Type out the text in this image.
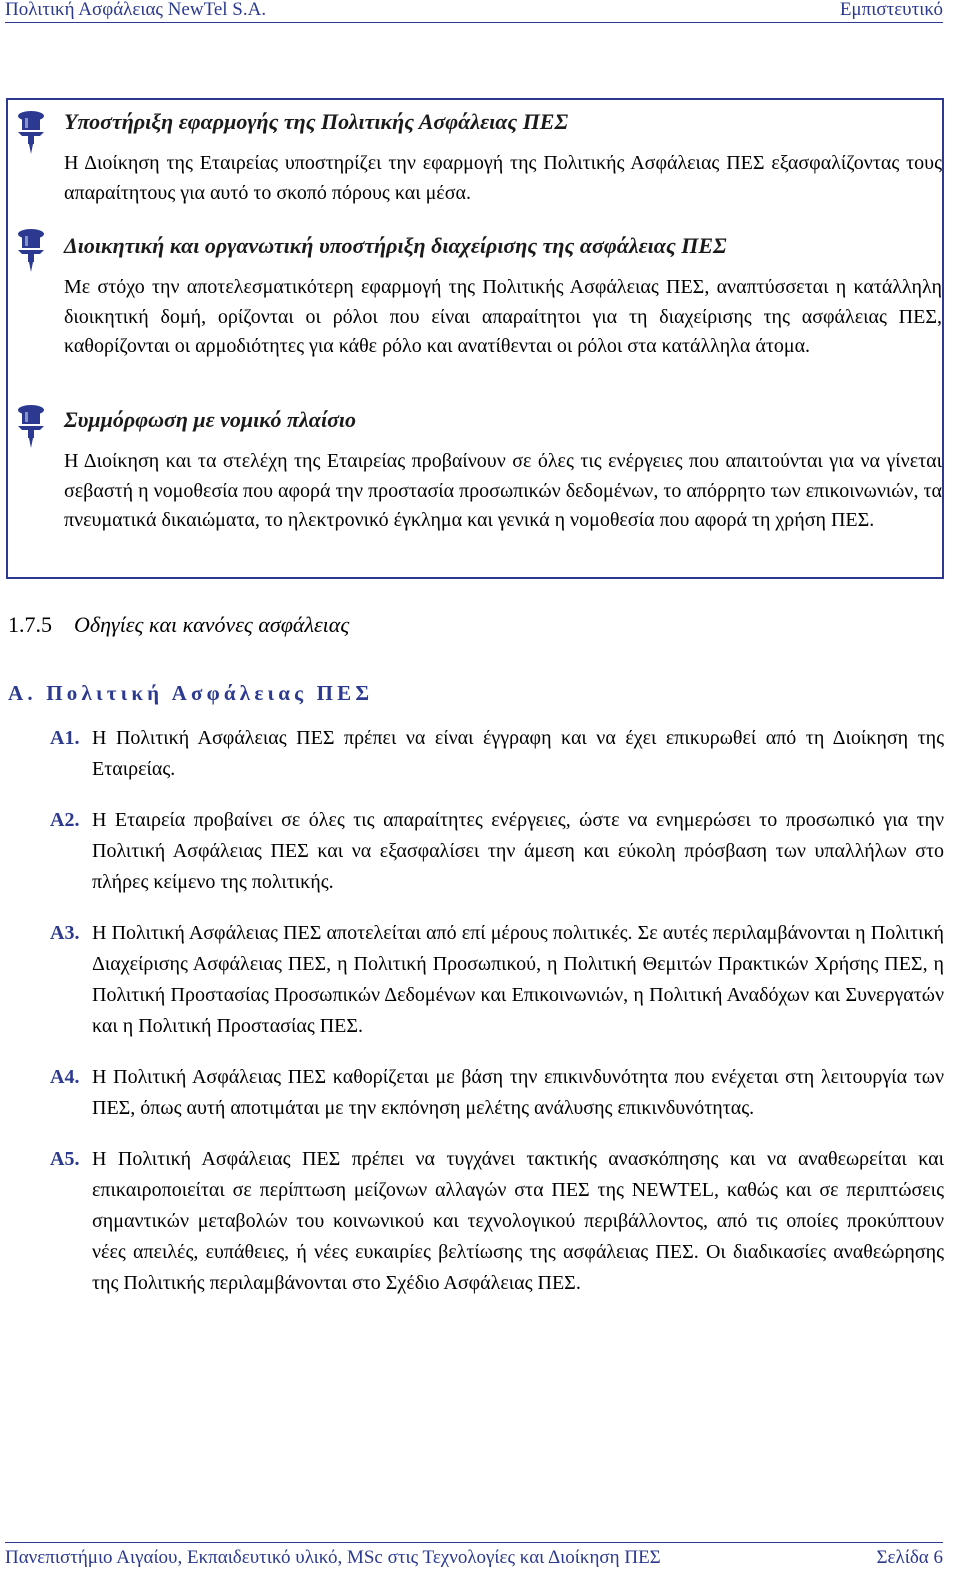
Πολιτική Ασφάλειας NewTel S.A.	Εμπιστευτικό
Υποστήριξη εφαρμογής της Πολιτικής Ασφάλειας ΠΕΣ
Η Διοίκηση της Εταιρείας υποστηρίζει την εφαρμογή της Πολιτικής Ασφάλειας ΠΕΣ εξασφαλίζοντας τους απαραίτητους για αυτό το σκοπό πόρους και μέσα.
Διοικητική και οργανωτική υποστήριξη διαχείρισης της ασφάλειας ΠΕΣ
Με στόχο την αποτελεσματικότερη εφαρμογή της Πολιτικής Ασφάλειας ΠΕΣ, αναπτύσσεται η κατάλληλη διοικητική δομή, ορίζονται οι ρόλοι που είναι απαραίτητοι για τη διαχείρισης της ασφάλειας ΠΕΣ, καθορίζονται οι αρμοδιότητες για κάθε ρόλο και ανατίθενται οι ρόλοι στα κατάλληλα άτομα.
Συμμόρφωση με νομικό πλαίσιο
Η Διοίκηση και τα στελέχη της Εταιρείας προβαίνουν σε όλες τις ενέργειες που απαιτούνται για να γίνεται σεβαστή η νομοθεσία που αφορά την προστασία προσωπικών δεδομένων, το απόρρητο των επικοινωνιών, τα πνευματικά δικαιώματα, το ηλεκτρονικό έγκλημα και γενικά η νομοθεσία που αφορά τη χρήση ΠΕΣ.
1.7.5 Οδηγίες και κανόνες ασφάλειας
Α. Πολιτική Ασφάλειας ΠΕΣ
Α1. Η Πολιτική Ασφάλειας ΠΕΣ πρέπει να είναι έγγραφη και να έχει επικυρωθεί από τη Διοίκηση της Εταιρείας.
Α2. Η Εταιρεία προβαίνει σε όλες τις απαραίτητες ενέργειες, ώστε να ενημερώσει το προσωπικό για την Πολιτική Ασφάλειας ΠΕΣ και να εξασφαλίσει την άμεση και εύκολη πρόσβαση των υπαλλήλων στο πλήρες κείμενο της πολιτικής.
Α3. Η Πολιτική Ασφάλειας ΠΕΣ αποτελείται από επί μέρους πολιτικές. Σε αυτές περιλαμβάνονται η Πολιτική Διαχείρισης Ασφάλειας ΠΕΣ, η Πολιτική Προσωπικού, η Πολιτική Θεμιτών Πρακτικών Χρήσης ΠΕΣ, η Πολιτική Προστασίας Προσωπικών Δεδομένων και Επικοινωνιών, η Πολιτική Αναδόχων και Συνεργατών και η Πολιτική Προστασίας ΠΕΣ.
Α4. Η Πολιτική Ασφάλειας ΠΕΣ καθορίζεται με βάση την επικινδυνότητα που ενέχεται στη λειτουργία των ΠΕΣ, όπως αυτή αποτιμάται με την εκπόνηση μελέτης ανάλυσης επικινδυνότητας.
Α5. Η Πολιτική Ασφάλειας ΠΕΣ πρέπει να τυγχάνει τακτικής ανασκόπησης και να αναθεωρείται και επικαιροποιείται σε περίπτωση μείζονων αλλαγών στα ΠΕΣ της NEWTEL, καθώς και σε περιπτώσεις σημαντικών μεταβολών του κοινωνικού και τεχνολογικού περιβάλλοντος, από τις οποίες προκύπτουν νέες απειλές, ευπάθειες, ή νέες ευκαιρίες βελτίωσης της ασφάλειας ΠΕΣ. Οι διαδικασίες αναθεώρησης της Πολιτικής περιλαμβάνονται στο Σχέδιο Ασφάλειας ΠΕΣ.
Πανεπιστήμιο Αιγαίου, Εκπαιδευτικό υλικό, MSc στις Τεχνολογίες και Διοίκηση ΠΕΣ	Σελίδα 6
